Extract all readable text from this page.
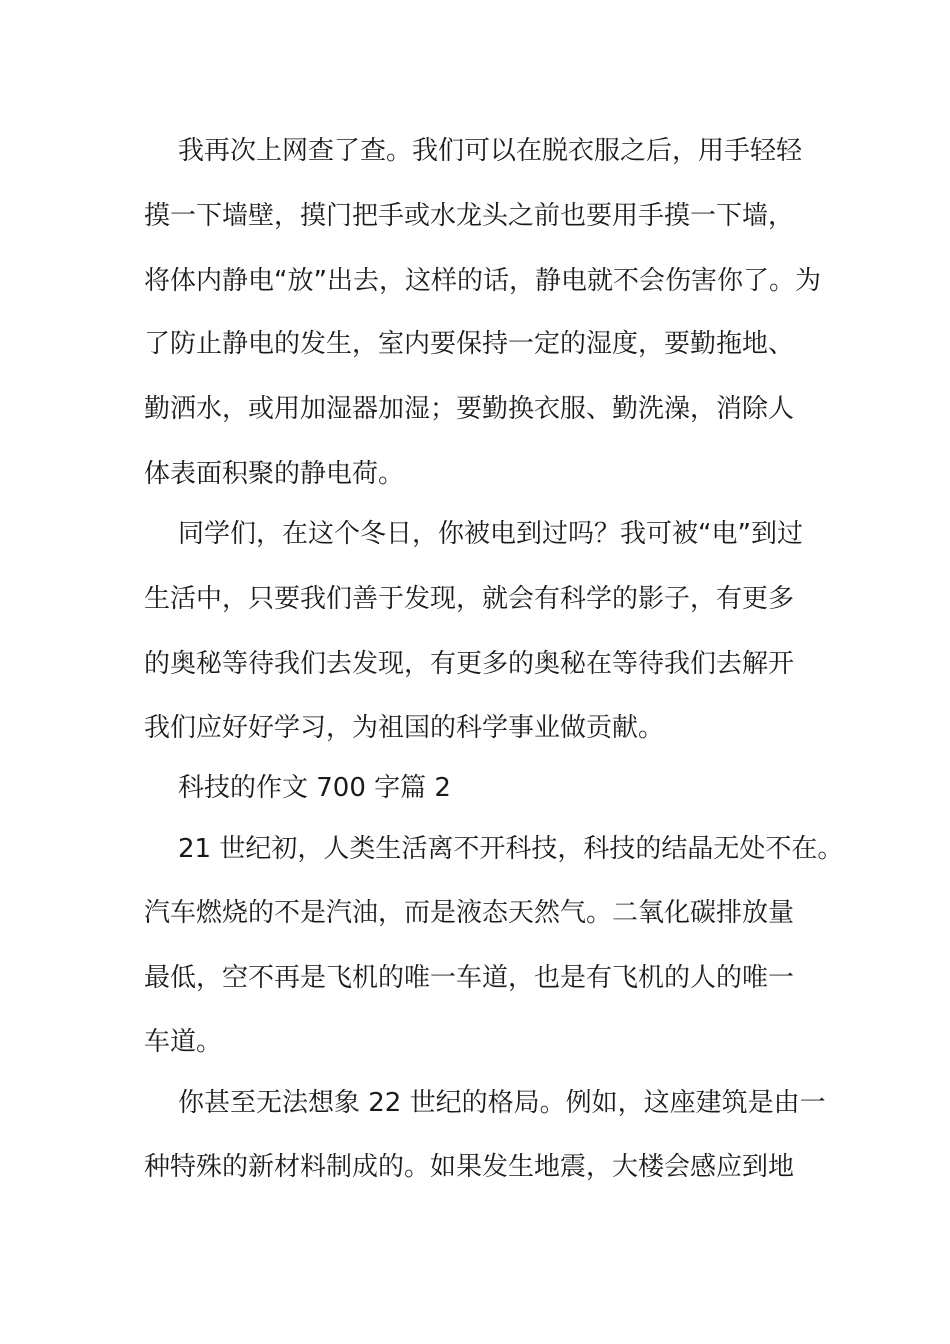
我再次上网查了查。我们可以在脱衣服之后，用手轻轻
摸一下墙壁，摸门把手或水龙头之前也要用手摸一下墙，
将体内静电“放”出去，这样的话，静电就不会伤害你了。为
了防止静电的发生，室内要保持一定的湿度，要勤拖地、
勤洒水，或用加湿器加湿；要勤换衣服、勤洗澡，消除人
体表面积聚的静电荷。
同学们，在这个冬日，你被电到过吗？我可被“电”到过
生活中，只要我们善于发现，就会有科学的影子，有更多
的奥秘等待我们去发现，有更多的奥秘在等待我们去解开
我们应好好学习，为祖国的科学事业做贡献。
科技的作文 700 字篇 2
21 世纪初，人类生活离不开科技，科技的结晶无处不在。
汽车燃烧的不是汽油，而是液态天然气。二氧化碳排放量
最低，空不再是飞机的唯一车道，也是有飞机的人的唯一
车道。
你甚至无法想象 22 世纪的格局。例如，这座建筑是由一
种特殊的新材料制成的。如果发生地震，大楼会感应到地
